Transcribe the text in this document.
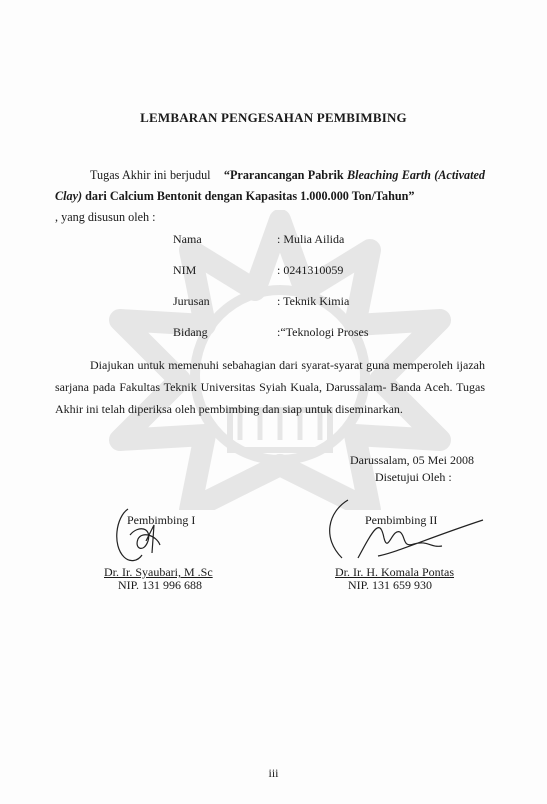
LEMBARAN PENGESAHAN PEMBIMBING
Tugas Akhir ini berjudul “Prarancangan Pabrik Bleaching Earth (Activated Clay) dari Calcium Bentonit dengan Kapasitas 1.000.000 Ton/Tahun”
, yang disusun oleh :
Nama	: Mulia Ailida
NIM	: 0241310059
Jurusan	: Teknik Kimia
Bidang	:“Teknologi Proses
Diajukan untuk memenuhi sebahagian dari syarat-syarat guna memperoleh ijazah sarjana pada Fakultas Teknik Universitas Syiah Kuala, Darussalam- Banda Aceh. Tugas Akhir ini telah diperiksa oleh pembimbing dan siap untuk diseminarkan.
Darussalam, 05 Mei 2008
Disetujui Oleh :
Pembimbing I
Dr. Ir. Syaubari, M .Sc
NIP. 131 996 688
Pembimbing II
Dr. Ir. H. Komala Pontas
NIP. 131 659 930
iii
